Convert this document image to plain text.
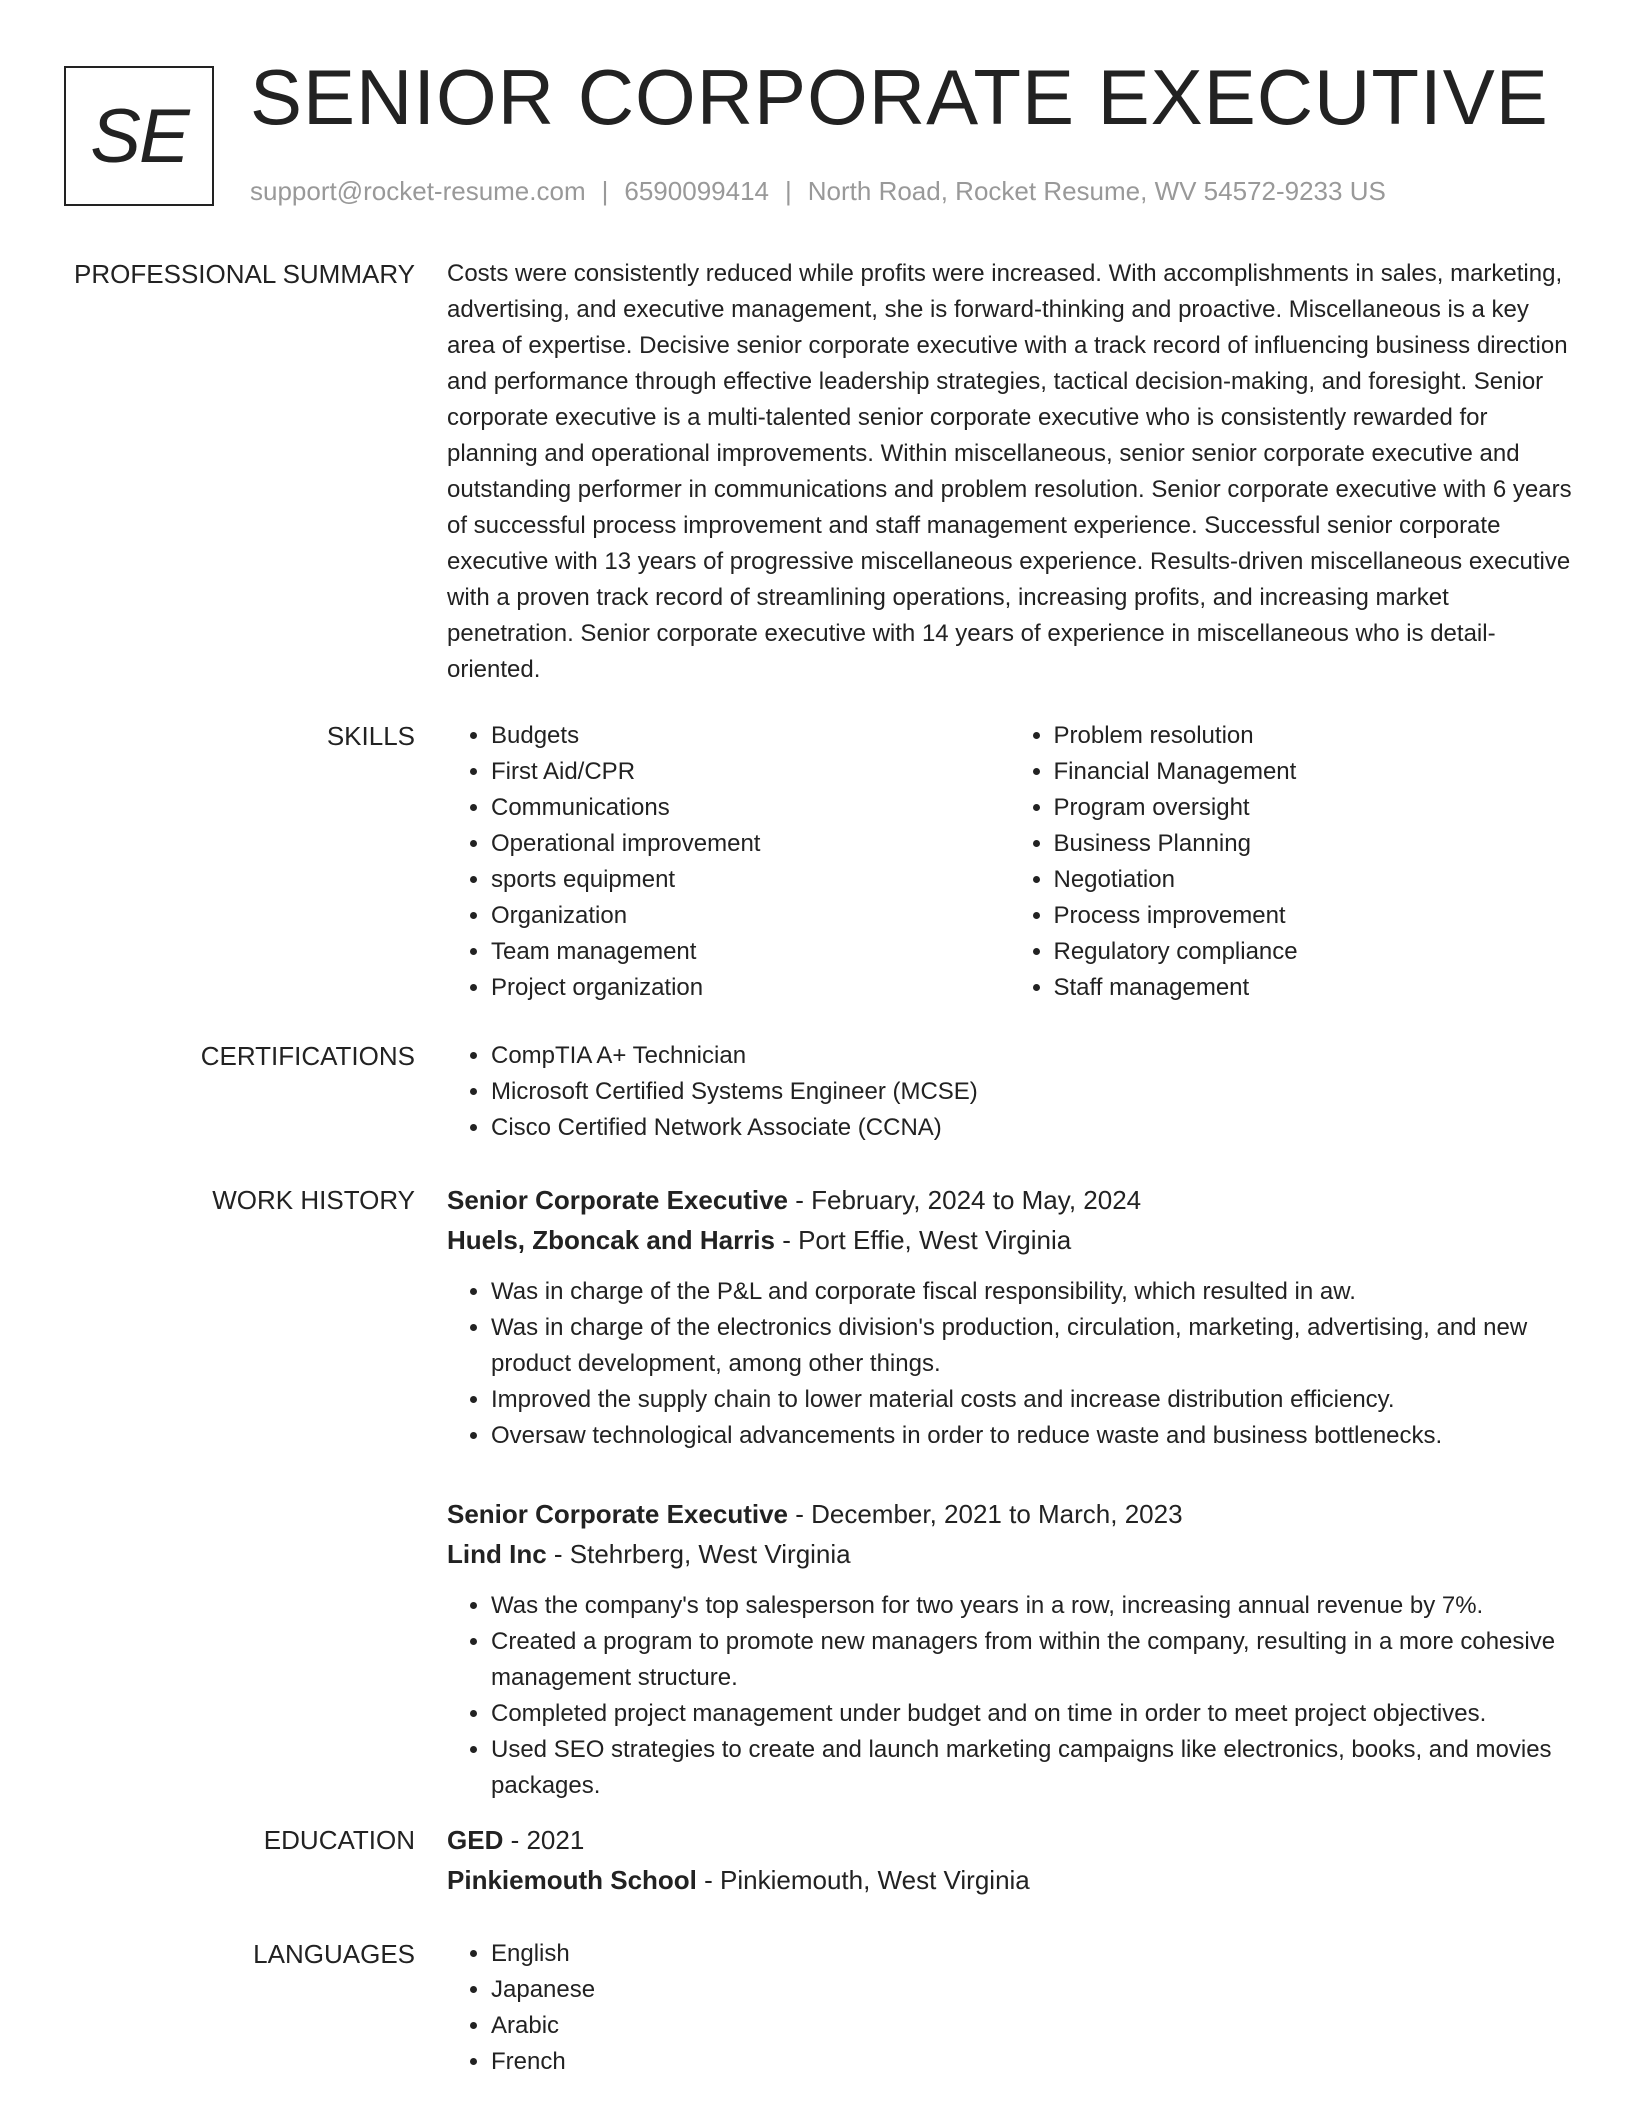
SE SENIOR CORPORATE EXECUTIVE
support@rocket-resume.com | 6590099414 | North Road, Rocket Resume, WV 54572-9233 US
PROFESSIONAL SUMMARY Costs were consistently reduced while profits were increased. With accomplishments in sales, marketing, advertising, and executive management, she is forward-thinking and proactive. Miscellaneous is a key area of expertise. Decisive senior corporate executive with a track record of influencing business direction and performance through effective leadership strategies, tactical decision-making, and foresight. Senior corporate executive is a multi-talented senior corporate executive who is consistently rewarded for planning and operational improvements. Within miscellaneous, senior senior corporate executive and outstanding performer in communications and problem resolution. Senior corporate executive with 6 years of successful process improvement and staff management experience. Successful senior corporate executive with 13 years of progressive miscellaneous experience. Results-driven miscellaneous executive with a proven track record of streamlining operations, increasing profits, and increasing market penetration. Senior corporate executive with 14 years of experience in miscellaneous who is detail-oriented.

SKILLS	• Budgets
• First Aid/CPR
• Communications
• Operational improvement
• sports equipment
• Organization
• Team management
• Project organization
• Problem resolution
• Financial Management
• Program oversight
• Business Planning
• Negotiation
• Process improvement
• Regulatory compliance
• Staff management
CERTIFICATIONS	• CompTIA A+ Technician
• Microsoft Certified Systems Engineer (MCSE)
• Cisco Certified Network Associate (CCNA)
WORK HISTORY Senior Corporate Executive - February, 2024 to May, 2024
Huels, Zboncak and Harris - Port Effie, West Virginia
• Was in charge of the P&L and corporate fiscal responsibility, which resulted in aw.
• Was in charge of the electronics division's production, circulation, marketing, advertising, and new product development, among other things.
• Improved the supply chain to lower material costs and increase distribution efficiency.
• Oversaw technological advancements in order to reduce waste and business bottlenecks.
Senior Corporate Executive - December, 2021 to March, 2023
Lind Inc - Stehrberg, West Virginia
• Was the company's top salesperson for two years in a row, increasing annual revenue by 7%.
• Created a program to promote new managers from within the company, resulting in a more cohesive management structure.
• Completed project management under budget and on time in order to meet project objectives.
• Used SEO strategies to create and launch marketing campaigns like electronics, books, and movies packages.
EDUCATION GED - 2021
Pinkiemouth School - Pinkiemouth, West Virginia
LANGUAGES	• English
• Japanese
• Arabic
• French
